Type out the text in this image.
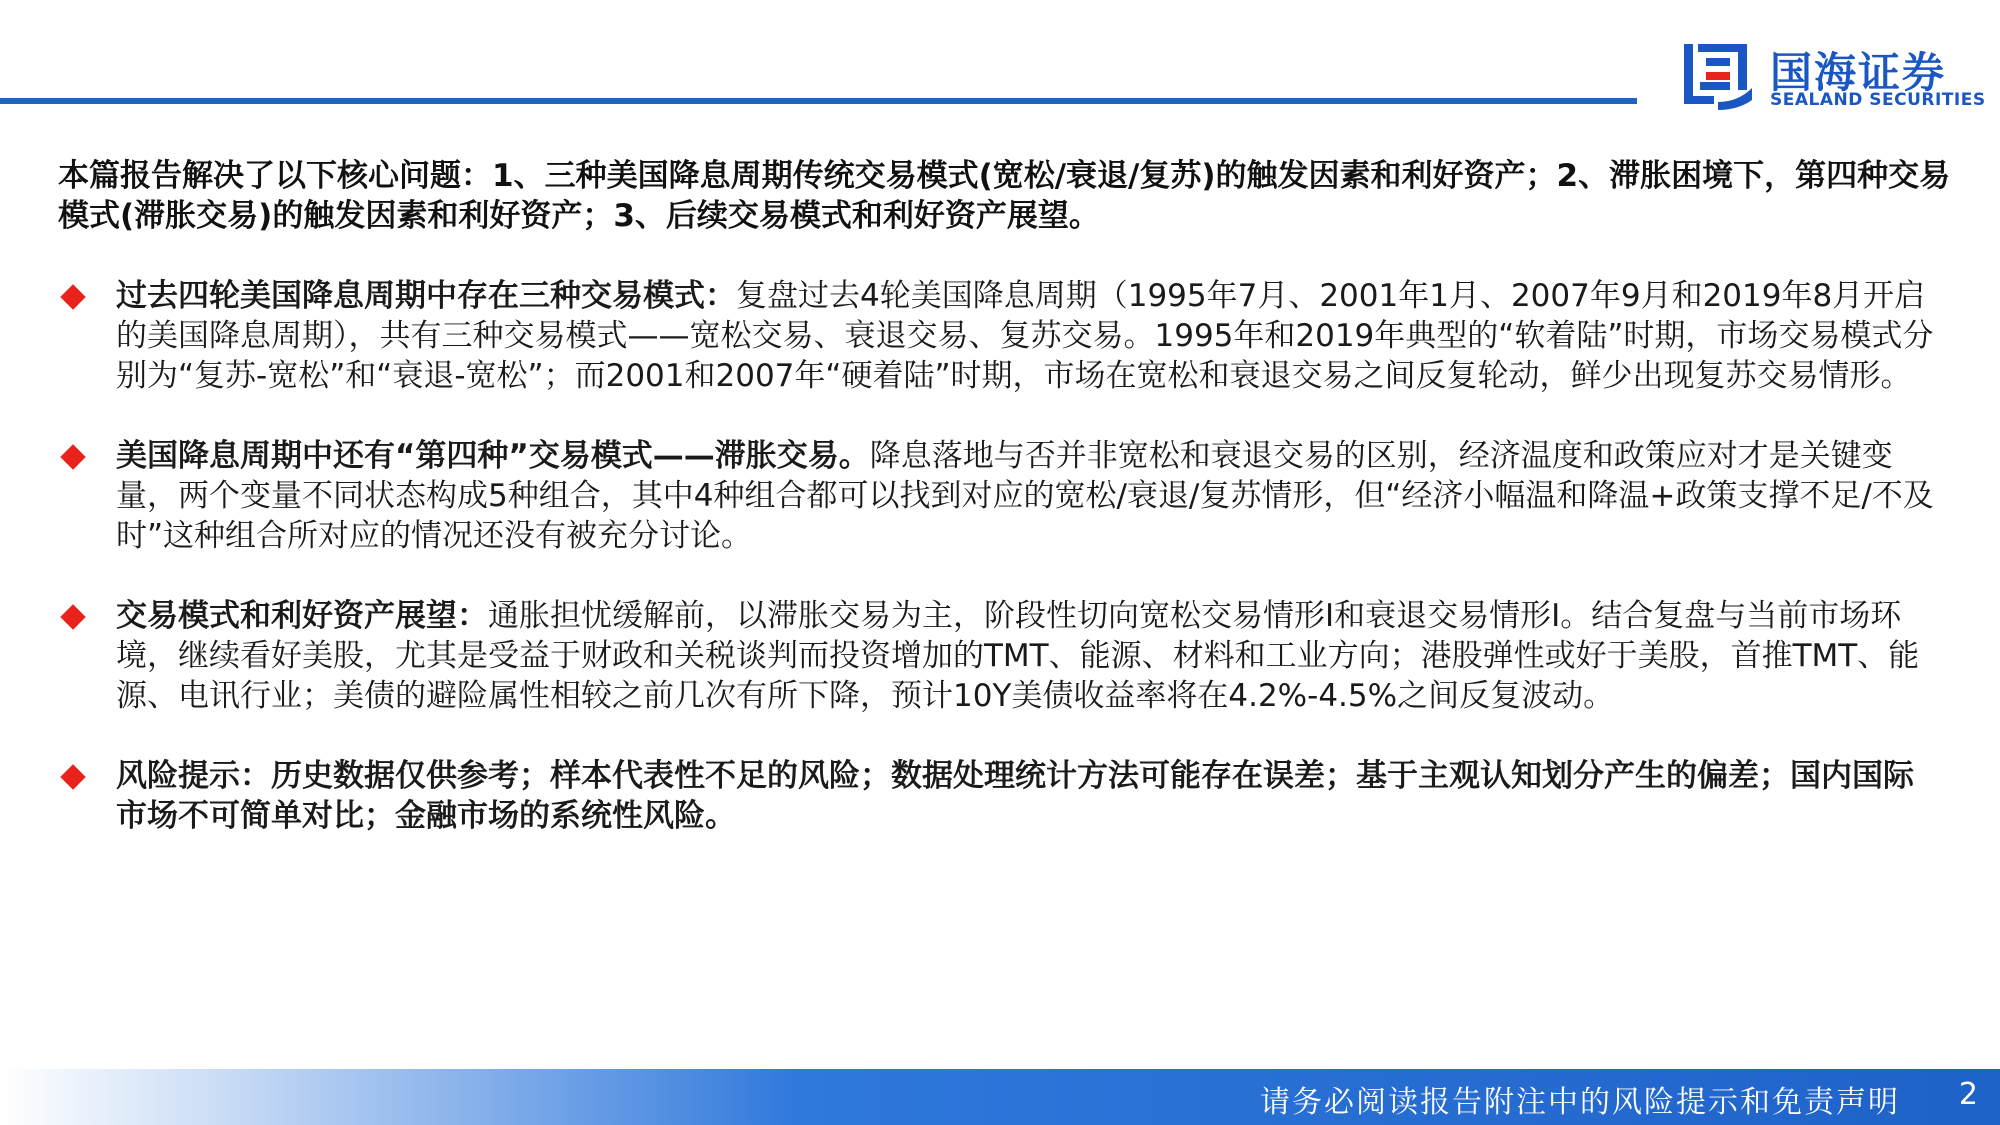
国海证券
SEALAND SECURITIES
本篇报告解决了以下核心问题：1、三种美国降息周期传统交易模式(宽松/衰退/复苏)的触发因素和利好资产；2、滞胀困境下，第四种交易模式(滞胀交易)的触发因素和利好资产；3、后续交易模式和利好资产展望。
过去四轮美国降息周期中存在三种交易模式：复盘过去4轮美国降息周期（1995年7月、2001年1月、2007年9月和2019年8月开启的美国降息周期），共有三种交易模式——宽松交易、衰退交易、复苏交易。1995年和2019年典型的“软着陆”时期，市场交易模式分别为“复苏-宽松”和“衰退-宽松”；而2001和2007年“硬着陆”时期，市场在宽松和衰退交易之间反复轮动，鲜少出现复苏交易情形。
美国降息周期中还有“第四种”交易模式——滞胀交易。降息落地与否并非宽松和衰退交易的区别，经济温度和政策应对才是关键变量，两个变量不同状态构成5种组合，其中4种组合都可以找到对应的宽松/衰退/复苏情形，但“经济小幅温和降温+政策支撑不足/不及时”这种组合所对应的情况还没有被充分讨论。
交易模式和利好资产展望：通胀担忧缓解前，以滞胀交易为主，阶段性切向宽松交易情形Ⅰ和衰退交易情形Ⅰ。结合复盘与当前市场环境，继续看好美股，尤其是受益于财政和关税谈判而投资增加的TMT、能源、材料和工业方向；港股弹性或好于美股，首推TMT、能源、电讯行业；美债的避险属性相较之前几次有所下降，预计10Y美债收益率将在4.2%-4.5%之间反复波动。
风险提示：历史数据仅供参考；样本代表性不足的风险；数据处理统计方法可能存在误差；基于主观认知划分产生的偏差；国内国际市场不可简单对比；金融市场的系统性风险。
请务必阅读报告附注中的风险提示和免责声明 2
